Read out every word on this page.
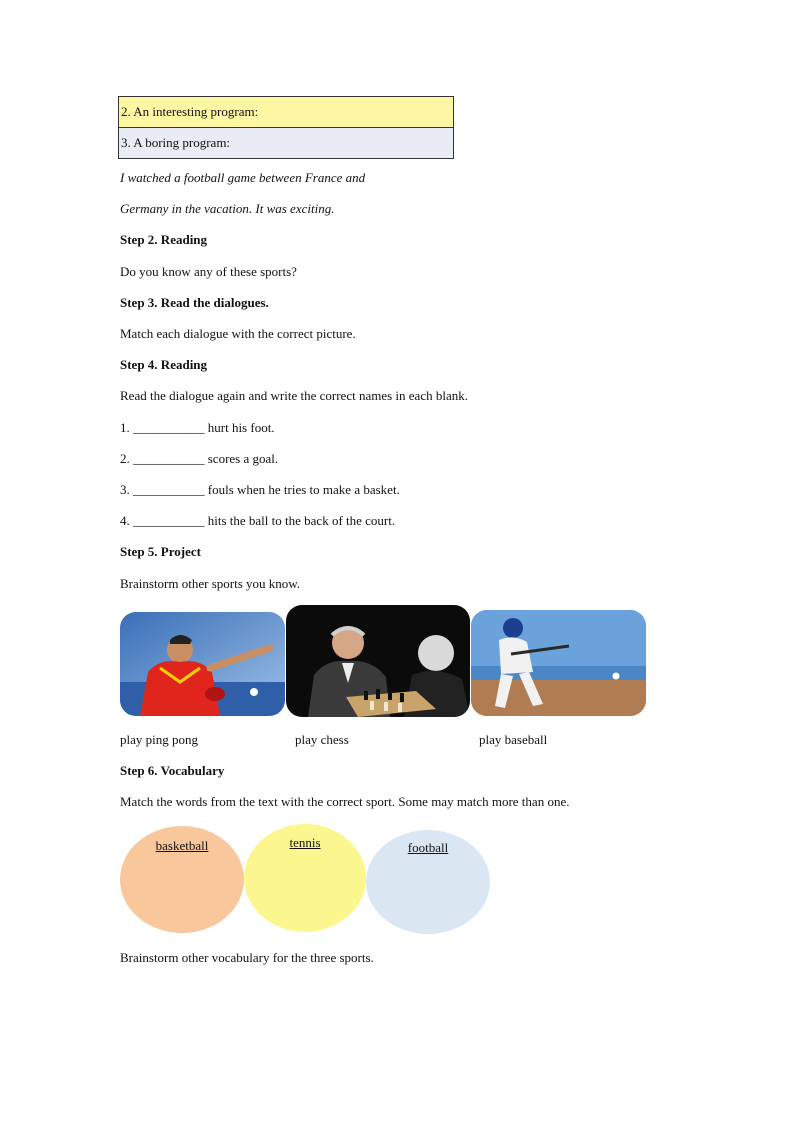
2. An interesting program:
3. A boring program:
I watched a football game between France and
Germany in the vacation. It was exciting.
Step 2. Reading
Do you know any of these sports?
Step 3. Read the dialogues.
Match each dialogue with the correct picture.
Step 4. Reading
Read the dialogue again and write the correct names in each blank.
1. ___________ hurt his foot.
2. ___________ scores a goal.
3. ___________ fouls when he tries to make a basket.
4. ___________ hits the ball to the back of the court.
Step 5. Project
Brainstorm other sports you know.
play ping pong	play chess	play baseball
Step 6. Vocabulary
Match the words from the text with the correct sport. Some may match more than one.
basketball	tennis	football
Brainstorm other vocabulary for the three sports.
